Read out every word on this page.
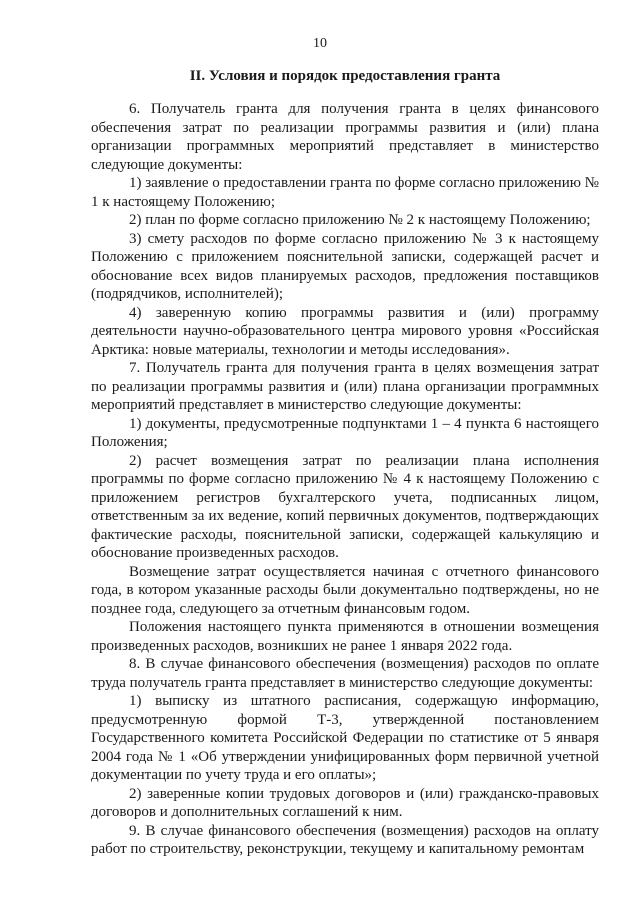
10
II. Условия и порядок предоставления гранта

6. Получатель гранта для получения гранта в целях финансового обеспечения затрат по реализации программы развития и (или) плана организации программных мероприятий представляет в министерство следующие документы:

1) заявление о предоставлении гранта по форме согласно приложению № 1 к настоящему Положению;

2) план по форме согласно приложению № 2 к настоящему Положению;

3) смету расходов по форме согласно приложению № 3 к настоящему Положению с приложением пояснительной записки, содержащей расчет и обоснование всех видов планируемых расходов, предложения поставщиков (подрядчиков, исполнителей);

4) заверенную копию программы развития и (или) программу деятельности научно-образовательного центра мирового уровня «Российская Арктика: новые материалы, технологии и методы исследования».

7. Получатель гранта для получения гранта в целях возмещения затрат по реализации программы развития и (или) плана организации программных мероприятий представляет в министерство следующие документы:

1) документы, предусмотренные подпунктами 1 – 4 пункта 6 настоящего Положения;

2) расчет возмещения затрат по реализации плана исполнения программы по форме согласно приложению № 4 к настоящему Положению с приложением регистров бухгалтерского учета, подписанных лицом, ответственным за их ведение, копий первичных документов, подтверждающих фактические расходы, пояснительной записки, содержащей калькуляцию и обоснование произведенных расходов.

Возмещение затрат осуществляется начиная с отчетного финансового года, в котором указанные расходы были документально подтверждены, но не позднее года, следующего за отчетным финансовым годом.

Положения настоящего пункта применяются в отношении возмещения произведенных расходов, возникших не ранее 1 января 2022 года.

8. В случае финансового обеспечения (возмещения) расходов по оплате труда получатель гранта представляет в министерство следующие документы:

1) выписку из штатного расписания, содержащую информацию, предусмотренную формой Т-3, утвержденной постановлением Государственного комитета Российской Федерации по статистике от 5 января 2004 года № 1 «Об утверждении унифицированных форм первичной учетной документации по учету труда и его оплаты»;

2) заверенные копии трудовых договоров и (или) гражданско-правовых договоров и дополнительных соглашений к ним.

9. В случае финансового обеспечения (возмещения) расходов на оплату работ по строительству, реконструкции, текущему и капитальному ремонтам
